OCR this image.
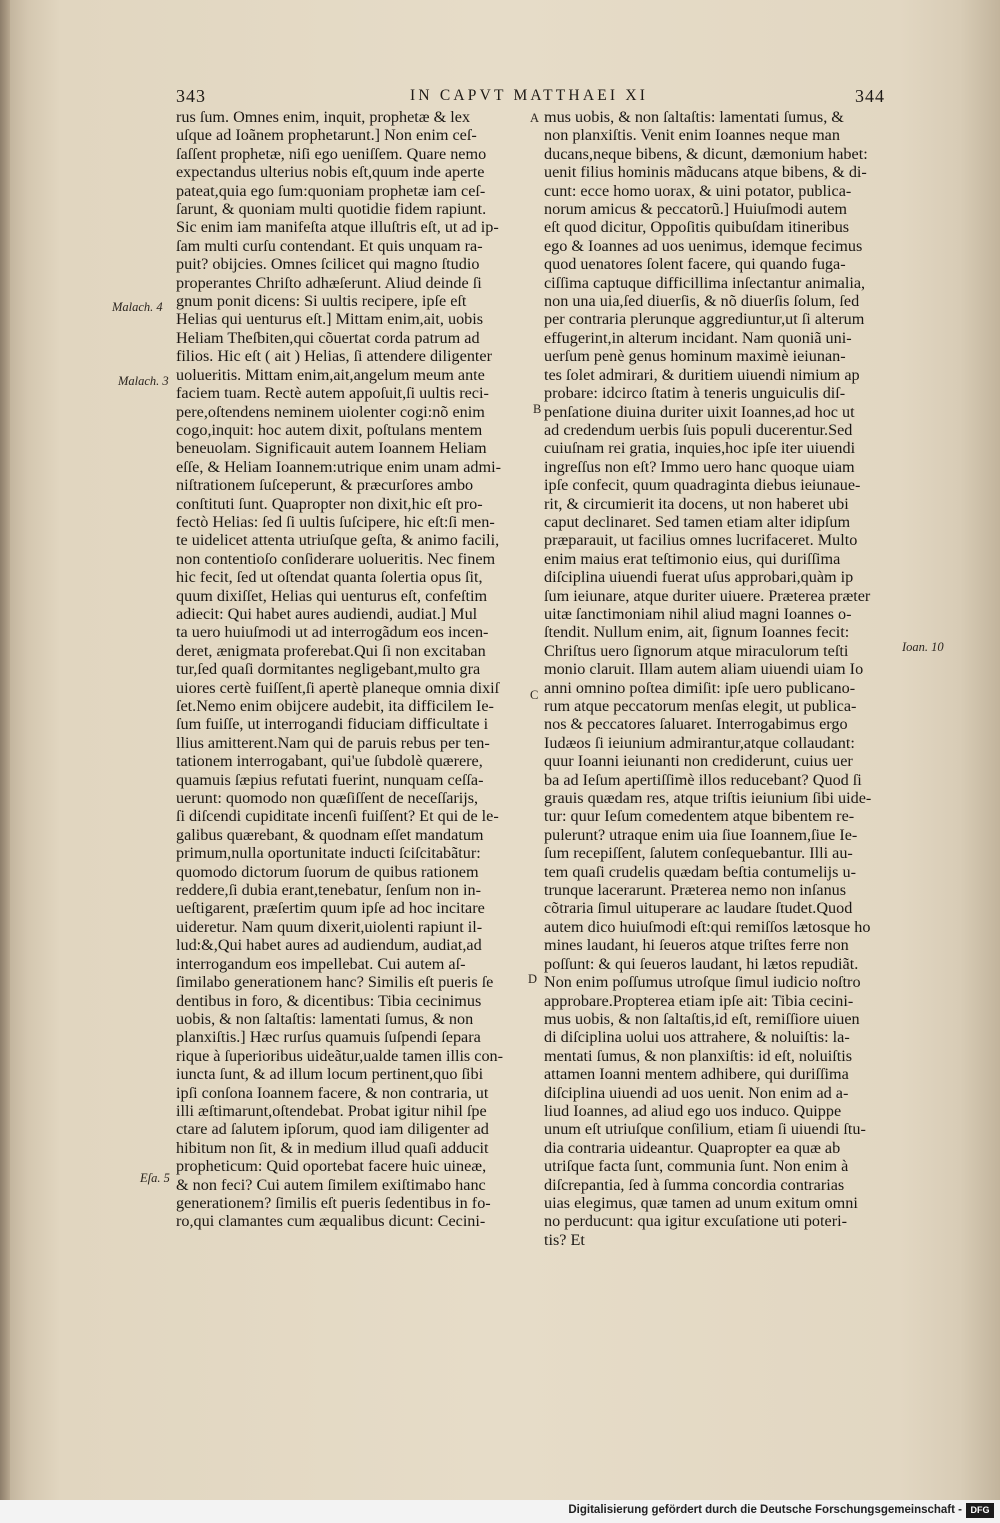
343	IN CAPVT MATTHAEI XI	344
rus ſum. Omnes enim, inquit, prophetæ & lex
uſque ad Ioãnem prophetarunt.] Non enim ceſ-
ſaſſent prophetæ, niſi ego ueniſſem. Quare nemo
expectandus ulterius nobis eſt,quum inde aperte
pateat,quia ego ſum:quoniam prophetæ iam ceſ-
ſarunt, & quoniam multi quotidie fidem rapiunt.
Sic enim iam manifeſta atque illuſtris eſt, ut ad ip-
ſam multi curſu contendant. Et quis unquam ra-
puit? obijcies. Omnes ſcilicet qui magno ſtudio
properantes Chriſto adhæſerunt. Aliud deinde ſi
gnum ponit dicens: Si uultis recipere, ipſe eſt
Helias qui uenturus eſt.] Mittam enim,ait, uobis
Heliam Theſbiten,qui cõuertat corda patrum ad
filios. Hic eſt ( ait ) Helias, ſi attendere diligenter
uolueritis. Mittam enim,ait,angelum meum ante
faciem tuam. Rectè autem appoſuit,ſi uultis reci-
pere,oſtendens neminem uiolenter cogi:nõ enim
cogo,inquit: hoc autem dixit, poſtulans mentem
beneuolam. Significauit autem Ioannem Heliam
eſſe, & Heliam Ioannem:utrique enim unam admi-
niſtrationem ſuſceperunt, & præcurſores ambo
conſtituti ſunt. Quapropter non dixit,hic eſt pro-
fectò Helias: ſed ſi uultis ſuſcipere, hic eſt:ſi men-
te uidelicet attenta utriuſque geſta, & animo facili,
non contentioſo conſiderare uolueritis. Nec finem
hic fecit, ſed ut oſtendat quanta ſolertia opus ſit,
quum dixiſſet, Helias qui uenturus eſt, confeſtim
adiecit: Qui habet aures audiendi, audiat.] Mul
ta uero huiuſmodi ut ad interrogãdum eos incen-
deret, ænigmata proferebat.Qui ſi non excitaban
tur,ſed quaſi dormitantes negligebant,multo gra
uiores certè fuiſſent,ſi apertè planeque omnia dixiſ
ſet.Nemo enim obijcere audebit, ita difficilem Ie-
ſum fuiſſe, ut interrogandi fiduciam difficultate i
llius amitterent.Nam qui de paruis rebus per ten-
tationem interrogabant, qui'ue ſubdolè quærere,
quamuis ſæpius refutati fuerint, nunquam ceſſa-
uerunt: quomodo non quæſiſſent de neceſſarijs,
ſi diſcendi cupiditate incenſi fuiſſent? Et qui de le-
galibus quærebant, & quodnam eſſet mandatum
primum,nulla oportunitate inducti ſciſcitabãtur:
quomodo dictorum ſuorum de quibus rationem
reddere,ſi dubia erant,tenebatur, ſenſum non in-
ueſtigarent, præſertim quum ipſe ad hoc incitare
uideretur. Nam quum dixerit,uiolenti rapiunt il-
lud:&,Qui habet aures ad audiendum, audiat,ad
interrogandum eos impellebat. Cui autem aſ-
ſimilabo generationem hanc? Similis eſt pueris ſe
dentibus in foro, & dicentibus: Tibia cecinimus
uobis, & non ſaltaſtis: lamentati ſumus, & non
planxiſtis.] Hæc rurſus quamuis ſuſpendi ſepara
rique à ſuperioribus uideãtur,ualde tamen illis con-
iuncta ſunt, & ad illum locum pertinent,quo ſibi
ipſi conſona Ioannem facere, & non contraria, ut
illi æſtimarunt,oſtendebat. Probat igitur nihil ſpe
ctare ad ſalutem ipſorum, quod iam diligenter ad
hibitum non ſit, & in medium illud quaſi adducit
propheticum: Quid oportebat facere huic uineæ,
& non feci? Cui autem ſimilem exiſtimabo hanc
generationem? ſimilis eſt pueris ſedentibus in fo-
ro,qui clamantes cum æqualibus dicunt: Cecini-
mus uobis, & non ſaltaſtis: lamentati ſumus, &
non planxiſtis. Venit enim Ioannes neque man
ducans,neque bibens, & dicunt, dæmonium habet:
uenit filius hominis mãducans atque bibens, & di-
cunt: ecce homo uorax, & uini potator, publica-
norum amicus & peccatorũ.] Huiuſmodi autem
eſt quod dicitur, Oppoſitis quibuſdam itineribus
ego & Ioannes ad uos uenimus, idemque fecimus
quod uenatores ſolent facere, qui quando fuga-
ciſſima captuque difficillima inſectantur animalia,
non una uia,ſed diuerſis, & nõ diuerſis ſolum, ſed
per contraria plerunque aggrediuntur,ut ſi alterum
effugerint,in alterum incidant. Nam quoniã uni-
uerſum penè genus hominum maximè ieiunan-
tes ſolet admirari, & duritiem uiuendi nimium ap
probare: idcirco ſtatim à teneris unguiculis diſ-
penſatione diuina duriter uixit Ioannes,ad hoc ut
ad credendum uerbis ſuis populi ducerentur.Sed
cuiuſnam rei gratia, inquies,hoc ipſe iter uiuendi
ingreſſus non eſt? Immo uero hanc quoque uiam
ipſe confecit, quum quadraginta diebus ieiunaue-
rit, & circumierit ita docens, ut non haberet ubi
caput declinaret. Sed tamen etiam alter idipſum
præparauit, ut facilius omnes lucrifaceret. Multo
enim maius erat teſtimonio eius, qui duriſſima
diſciplina uiuendi fuerat uſus approbari,quàm ip
ſum ieiunare, atque duriter uiuere. Præterea præter
uitæ ſanctimoniam nihil aliud magni Ioannes o-
ſtendit. Nullum enim, ait, ſignum Ioannes fecit:
Chriſtus uero ſignorum atque miraculorum teſti
monio claruit. Illam autem aliam uiuendi uiam Io
anni omnino poſtea dimiſit: ipſe uero publicano-
rum atque peccatorum menſas elegit, ut publica-
nos & peccatores ſaluaret. Interrogabimus ergo
Iudæos ſi ieiunium admirantur,atque collaudant:
quur Ioanni ieiunanti non crediderunt, cuius uer
ba ad Ieſum apertiſſimè illos reducebant? Quod ſi
grauis quædam res, atque triſtis ieiunium ſibi uide-
tur: quur Ieſum comedentem atque bibentem re-
pulerunt? utraque enim uia ſiue Ioannem,ſiue Ie-
ſum recepiſſent, ſalutem conſequebantur. Illi au-
tem quaſi crudelis quædam beſtia contumelijs u-
trunque lacerarunt. Præterea nemo non inſanus
cõtraria ſimul uituperare ac laudare ſtudet.Quod
autem dico huiuſmodi eſt:qui remiſſos lætosque ho
mines laudant, hi ſeueros atque triſtes ferre non
poſſunt: & qui ſeueros laudant, hi lætos repudiãt.
Non enim poſſumus utroſque ſimul iudicio noſtro
approbare.Propterea etiam ipſe ait: Tibia cecini-
mus uobis, & non ſaltaſtis,id eſt, remiſſiore uiuen
di diſciplina uolui uos attrahere, & noluiſtis: la-
mentati ſumus, & non planxiſtis: id eſt, noluiſtis
attamen Ioanni mentem adhibere, qui duriſſima
diſciplina uiuendi ad uos uenit. Non enim ad a-
liud Ioannes, ad aliud ego uos induco. Quippe
unum eſt utriuſque conſilium, etiam ſi uiuendi ſtu-
dia contraria uideantur. Quapropter ea quæ ab
utriſque facta ſunt, communia ſunt. Non enim à
diſcrepantia, ſed à ſumma concordia contrarias
uias elegimus, quæ tamen ad unum exitum omni
no perducunt: qua igitur excuſatione uti poteri-
tis? Et
Malach. 4
Malach. 3
Eſa. 5
Ioan. 10
A
B
C
D
Digitalisierung gefördert durch die Deutsche Forschungsgemeinschaft - DFG
